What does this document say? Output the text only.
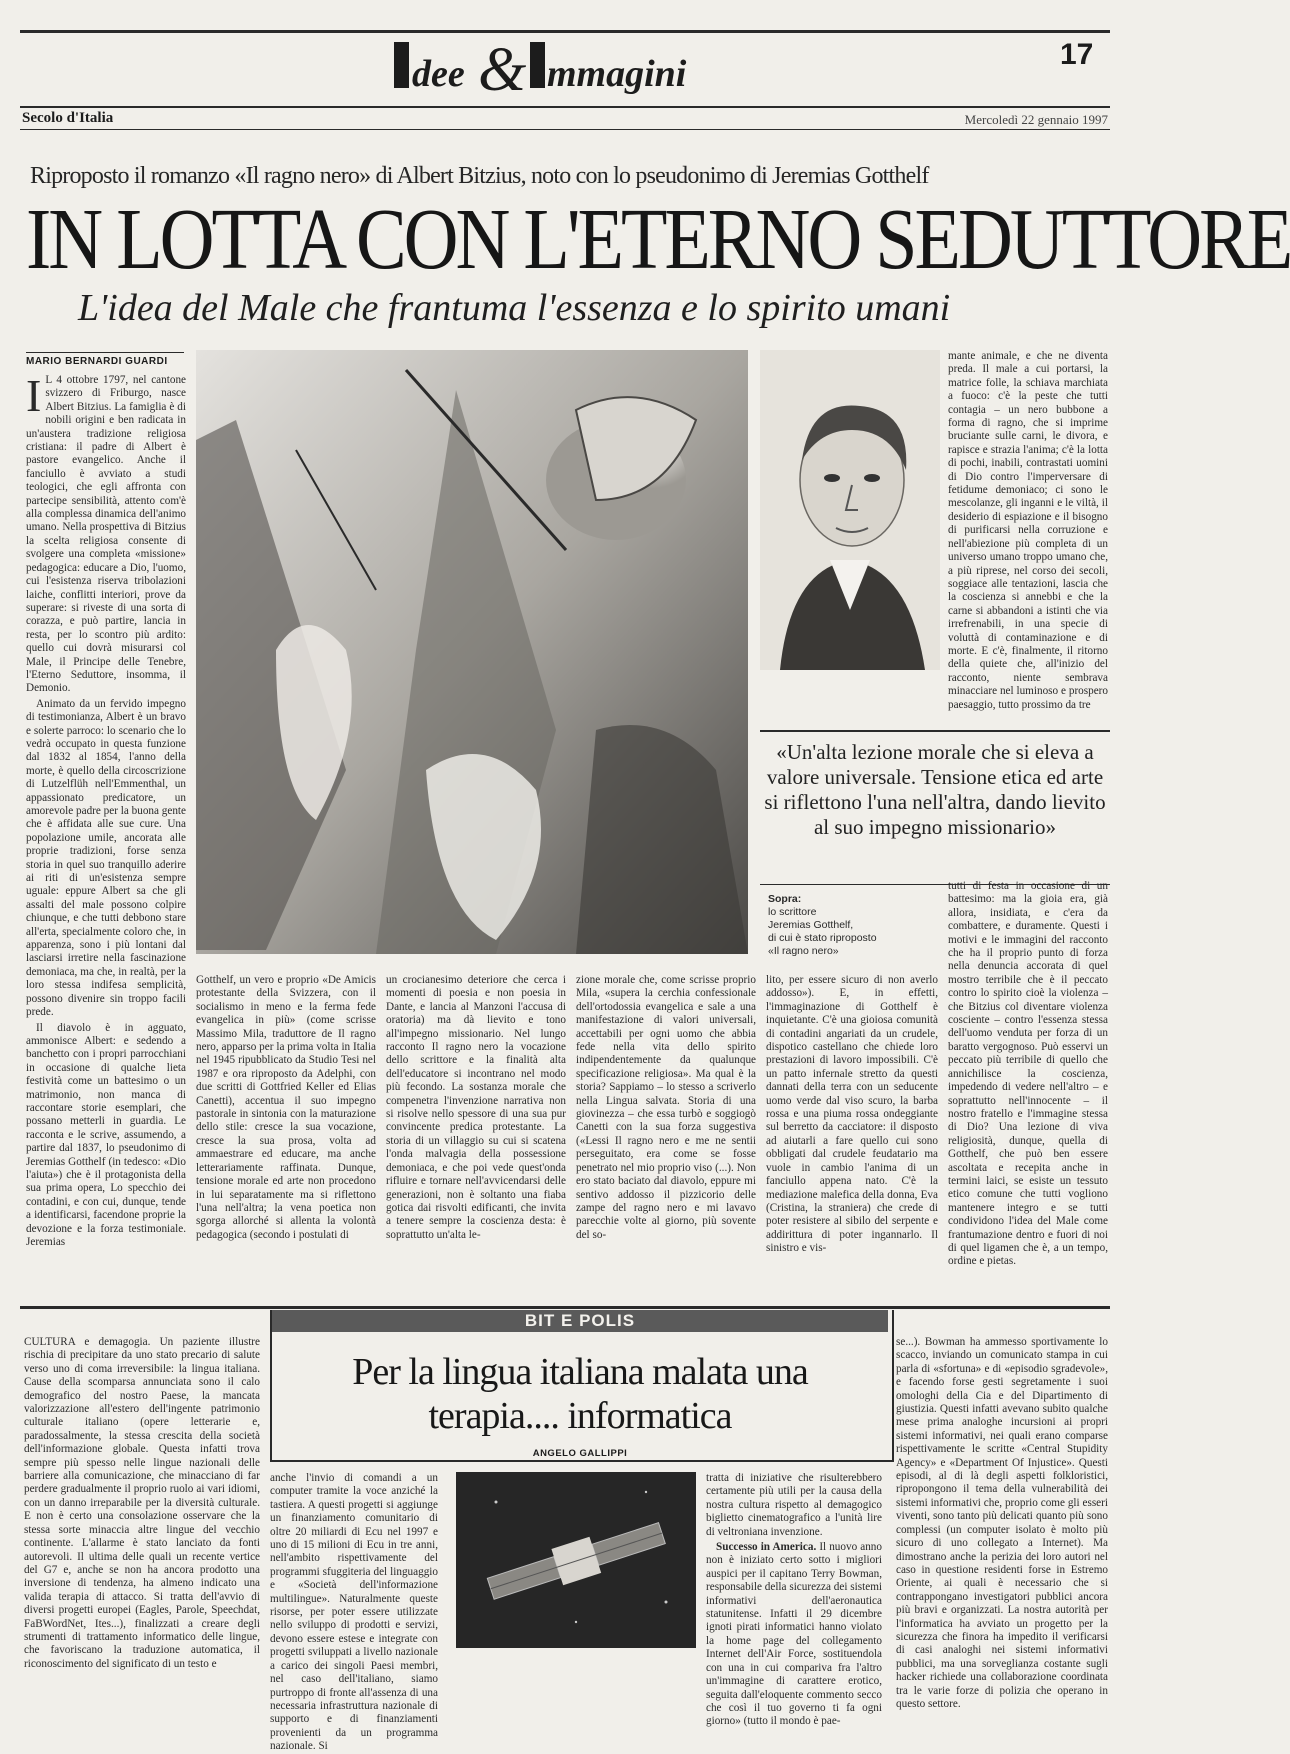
dee & mmagini	17
Secolo d'Italia	Mercoledì 22 gennaio 1997
Riproposto il romanzo «Il ragno nero» di Albert Bitzius, noto con lo pseudonimo di Jeremias Gotthelf
IN LOTTA CON L'ETERNO SEDUTTORE
L'idea del Male che frantuma l'essenza e lo spirito umani
MARIO BERNARDI GUARDI
I L 4 ottobre 1797, nel cantone svizzero di Friburgo, nasce Albert Bitzius. La famiglia è di nobili origini e ben radicata in un'austera tradizione religiosa cristiana: il padre di Albert è pastore evangelico. Anche il fanciullo è avviato a studi teologici, che egli affronta con partecipe sensibilità, attento com'è alla complessa dinamica dell'animo umano. Nella prospettiva di Bitzius la scelta religiosa consente di svolgere una completa «missione» pedagogica: educare a Dio, l'uomo, cui l'esistenza riserva tribolazioni laiche, conflitti interiori, prove da superare: si riveste di una sorta di corazza, e può partire, lancia in resta, per lo scontro più ardito: quello cui dovrà misurarsi col Male, il Principe delle Tenebre, l'Eterno Seduttore, insomma, il Demonio.

Animato da un fervido impegno di testimonianza, Albert è un bravo e solerte parroco: lo scenario che lo vedrà occupato in questa funzione dal 1832 al 1854, l'anno della morte, è quello della circoscrizione di Lutzelflüh nell'Emmenthal, un appassionato predicatore, un amorevole padre per la buona gente che è affidata alle sue cure. Una popolazione umile, ancorata alle proprie tradizioni, forse senza storia in quel suo tranquillo aderire ai riti di un'esistenza sempre uguale: eppure Albert sa che gli assalti del male possono colpire chiunque, e che tutti debbono stare all'erta, specialmente coloro che, in apparenza, sono i più lontani dal lasciarsi irretire nella fascinazione demoniaca, ma che, in realtà, per la loro stessa indifesa semplicità, possono divenire sin troppo facili prede.

Il diavolo è in agguato, ammonisce Albert: e sedendo a banchetto con i propri parrocchiani in occasione di qualche lieta festività come un battesimo o un matrimonio, non manca di raccontare storie esemplari, che possano metterli in guardia. Le racconta e le scrive, assumendo, a partire dal 1837, lo pseudonimo di Jeremias Gotthelf (in tedesco: «Dio l'aiuta») che è il protagonista della sua prima opera, Lo specchio dei contadini, e con cui, dunque, tende a identificarsi, facendone proprie la devozione e la forza testimoniale. Jeremias

mante animale, e che ne diventa preda. Il male a cui portarsi, la matrice folle, la schiava marchiata a fuoco: c'è la peste che tutti contagia – un nero bubbone a forma di ragno, che si imprime bruciante sulle carni, le divora, e rapisce e strazia l'anima; c'è la lotta di pochi, inabili, contrastati uomini di Dio contro l'imperversare di fetidume demoniaco; ci sono le mescolanze, gli inganni e le viltà, il desiderio di espiazione e il bisogno di purificarsi nella corruzione e nell'abiezione più completa di un universo umano troppo umano che, a più riprese, nel corso dei secoli, soggiace alle tentazioni, lascia che la coscienza si annebbi e che la carne si abbandoni a istinti che via irrefrenabili, in una specie di voluttà di contaminazione e di morte. E c'è, finalmente, il ritorno della quiete che, all'inizio del racconto, niente sembrava minacciare nel luminoso e prospero paesaggio, tutto prossimo da tre
«Un'alta lezione morale che si eleva a valore universale. Tensione etica ed arte si riflettono l'una nell'altra, dando lievito al suo impegno missionario»
Sopra:
lo scrittore
Jeremias Gotthelf,
di cui è stato riproposto
«Il ragno nero»
Gotthelf, un vero e proprio «De Amicis protestante della Svizzera, con il socialismo in meno e la ferma fede evangelica in più» (come scrisse Massimo Mila, traduttore de Il ragno nero, apparso per la prima volta in Italia nel 1945 ripubblicato da Studio Tesi nel 1987 e ora riproposto da Adelphi, con due scritti di Gottfried Keller ed Elias Canetti), accentua il suo impegno pastorale in sintonia con la maturazione dello stile: cresce la sua vocazione, cresce la sua prosa, volta ad ammaestrare ed educare, ma anche letterariamente raffinata. Dunque, tensione morale ed arte non procedono in lui separatamente ma si riflettono l'una nell'altra; la vena poetica non sgorga allorché si allenta la volontà pedagogica (secondo i postulati di
un crocianesimo deteriore che cerca i momenti di poesia e non poesia in Dante, e lancia al Manzoni l'accusa di oratoria) ma dà lievito e tono all'impegno missionario. Nel lungo racconto Il ragno nero la vocazione dello scrittore e la finalità alta dell'educatore si incontrano nel modo più fecondo. La sostanza morale che compenetra l'invenzione narrativa non si risolve nello spessore di una sua pur convincente predica protestante. La storia di un villaggio su cui si scatena l'onda malvagia della possessione demoniaca, e che poi vede quest'onda rifluire e tornare nell'avvicendarsi delle generazioni, non è soltanto una fiaba gotica dai risvolti edificanti, che invita a tenere sempre la coscienza desta: è soprattutto un'alta le-
zione morale che, come scrisse proprio Mila, «supera la cerchia confessionale dell'ortodossia evangelica e sale a una manifestazione di valori universali, accettabili per ogni uomo che abbia fede nella vita dello spirito indipendentemente da qualunque specificazione religiosa». Ma qual è la storia? Sappiamo – lo stesso a scriverlo nella Lingua salvata. Storia di una giovinezza – che essa turbò e soggiogò Canetti con la sua forza suggestiva («Lessi Il ragno nero e me ne sentii perseguitato, era come se fosse penetrato nel mio proprio viso (...). Non ero stato baciato dal diavolo, eppure mi sentivo addosso il pizzicorio delle zampe del ragno nero e mi lavavo parecchie volte al giorno, più sovente del so-
lito, per essere sicuro di non averlo addosso»). E, in effetti, l'immaginazione di Gotthelf è inquietante. C'è una gioiosa comunità di contadini angariati da un crudele, dispotico castellano che chiede loro prestazioni di lavoro impossibili. C'è un patto infernale stretto da questi dannati della terra con un seducente uomo verde dal viso scuro, la barba rossa e una piuma rossa ondeggiante sul berretto da cacciatore: il disposto ad aiutarli a fare quello cui sono obbligati dal crudele feudatario ma vuole in cambio l'anima di un fanciullo appena nato. C'è la mediazione malefica della donna, Eva (Cristina, la straniera) che crede di poter resistere al sibilo del serpente e addirittura di poter ingannarlo. Il sinistro e vis-
tutti di festa in occasione di un battesimo: ma la gioia era, già allora, insidiata, e c'era da combattere, e duramente. Questi i motivi e le immagini del racconto che ha il proprio punto di forza nella denuncia accorata di quel mostro terribile che è il peccato contro lo spirito cioè la violenza – che Bitzius col diventare violenza cosciente – contro l'essenza stessa dell'uomo venduta per forza di un baratto vergognoso. Può esservi un peccato più terribile di quello che annichilisce la coscienza, impedendo di vedere nell'altro – e soprattutto nell'innocente – il nostro fratello e l'immagine stessa di Dio? Una lezione di viva religiosità, dunque, quella di Gotthelf, che può ben essere ascoltata e recepita anche in termini laici, se esiste un tessuto etico comune che tutti vogliono mantenere integro e se tutti condividono l'idea del Male come frantumazione dentro e fuori di noi di quel ligamen che è, a un tempo, ordine e pietas.
BIT E POLIS
Per la lingua italiana malata una terapia.... informatica
ANGELO GALLIPPI

CULTURA e demagogia. Un paziente illustre rischia di precipitare da uno stato precario di salute verso uno di coma irreversibile: la lingua italiana. Cause della scomparsa annunciata sono il calo demografico del nostro Paese, la mancata valorizzazione all'estero dell'ingente patrimonio culturale italiano (opere letterarie e, paradossalmente, la stessa crescita della società dell'informazione globale. Questa infatti trova sempre più spesso nelle lingue nazionali delle barriere alla comunicazione, che minacciano di far perdere gradualmente il proprio ruolo ai vari idiomi, con un danno irreparabile per la diversità culturale. E non è certo una consolazione osservare che la stessa sorte minaccia altre lingue del vecchio continente. L'allarme è stato lanciato da fonti autorevoli. Il ultima delle quali un recente vertice del G7 e, anche se non ha ancora prodotto una inversione di tendenza, ha almeno indicato una valida terapia di attacco. Si tratta dell'avvio di diversi progetti europei (Eagles, Parole, Speechdat, FaBWordNet, Ites...), finalizzati a creare degli strumenti di trattamento informatico delle lingue, che favoriscano la traduzione automatica, il riconoscimento del significato di un testo e

anche l'invio di comandi a un computer tramite la voce anziché la tastiera. A questi progetti si aggiunge un finanziamento comunitario di oltre 20 miliardi di Ecu nel 1997 e uno di 15 milioni di Ecu in tre anni, nell'ambito rispettivamente del programmi sfuggiteria del linguaggio e «Società dell'informazione multilingue». Naturalmente queste risorse, per poter essere utilizzate nello sviluppo di prodotti e servizi, devono essere estese e integrate con progetti sviluppati a livello nazionale a carico dei singoli Paesi membri, nel caso dell'italiano, siamo purtroppo di fronte all'assenza di una necessaria infrastruttura nazionale di supporto e di finanziamenti provenienti da un programma nazionale. Si

tratta di iniziative che risulterebbero certamente più utili per la causa della nostra cultura rispetto al demagogico biglietto cinematografico a l'unità lire di veltroniana invenzione.

Successo in America. Il nuovo anno non è iniziato certo sotto i migliori auspici per il capitano Terry Bowman, responsabile della sicurezza dei sistemi informativi dell'aeronautica statunitense. Infatti il 29 dicembre ignoti pirati informatici hanno violato la home page del collegamento Internet dell'Air Force, sostituendola con una in cui compariva fra l'altro un'immagine di carattere erotico, seguita dall'eloquente commento secco che così il tuo governo ti fa ogni giorno» (tutto il mondo è pae-

se...). Bowman ha ammesso sportivamente lo scacco, inviando un comunicato stampa in cui parla di «sfortuna» e di «episodio sgradevole», e facendo forse gesti segretamente i suoi omologhi della Cia e del Dipartimento di giustizia. Questi infatti avevano subito qualche mese prima analoghe incursioni ai propri sistemi informativi, nei quali erano comparse rispettivamente le scritte «Central Stupidity Agency» e «Department Of Injustice». Questi episodi, al di là degli aspetti folkloristici, ripropongono il tema della vulnerabilità dei sistemi informativi che, proprio come gli esseri viventi, sono tanto più delicati quanto più sono complessi (un computer isolato è molto più sicuro di uno collegato a Internet). Ma dimostrano anche la perizia dei loro autori nel caso in questione residenti forse in Estremo Oriente, ai quali è necessario che si contrappongano investigatori pubblici ancora più bravi e organizzati. La nostra autorità per l'informatica ha avviato un progetto per la sicurezza che finora ha impedito il verificarsi di casi analoghi nei sistemi informativi pubblici, ma una sorveglianza costante sugli hacker richiede una collaborazione coordinata tra le varie forze di polizia che operano in questo settore.
